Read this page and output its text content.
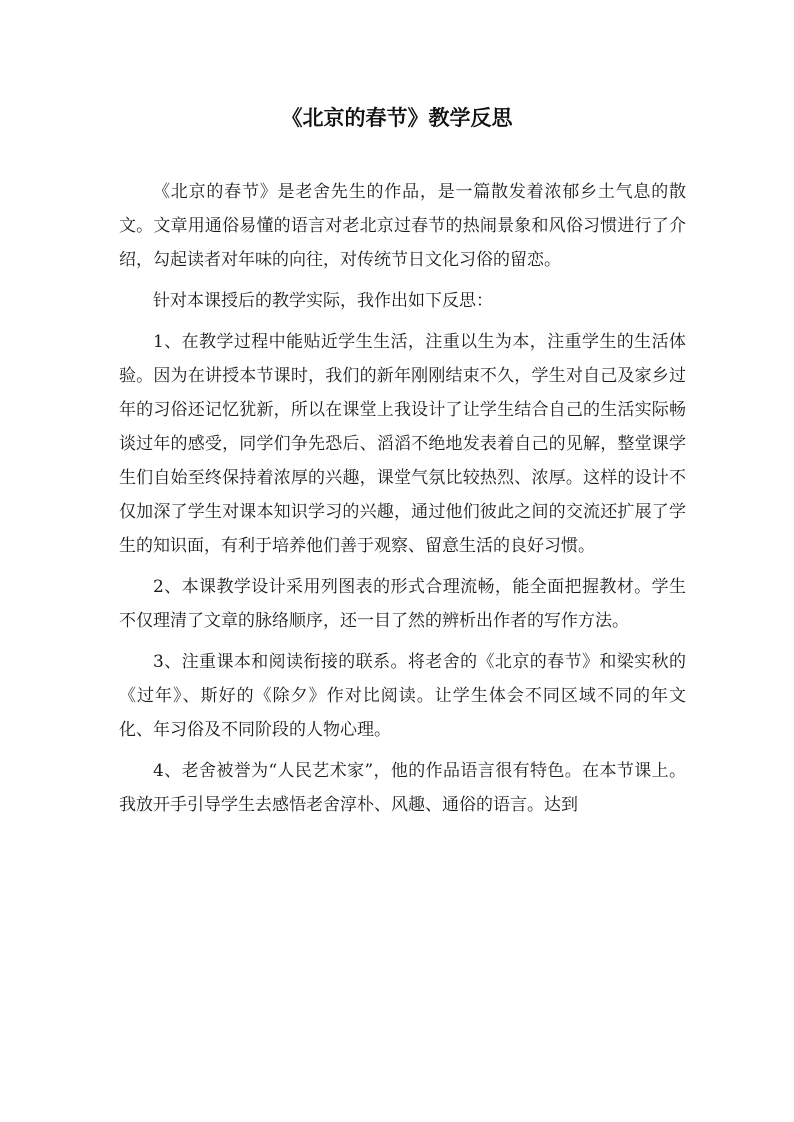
《北京的春节》教学反思

《北京的春节》是老舍先生的作品，是一篇散发着浓郁乡土气息的散文。文章用通俗易懂的语言对老北京过春节的热闹景象和风俗习惯进行了介绍，勾起读者对年味的向往，对传统节日文化习俗的留恋。

针对本课授后的教学实际，我作出如下反思：

1、在教学过程中能贴近学生生活，注重以生为本，注重学生的生活体验。因为在讲授本节课时，我们的新年刚刚结束不久，学生对自己及家乡过年的习俗还记忆犹新，所以在课堂上我设计了让学生结合自己的生活实际畅谈过年的感受，同学们争先恐后、滔滔不绝地发表着自己的见解，整堂课学生们自始至终保持着浓厚的兴趣，课堂气氛比较热烈、浓厚。这样的设计不仅加深了学生对课本知识学习的兴趣，通过他们彼此之间的交流还扩展了学生的知识面，有利于培养他们善于观察、留意生活的良好习惯。

2、本课教学设计采用列图表的形式合理流畅，能全面把握教材。学生不仅理清了文章的脉络顺序，还一目了然的辨析出作者的写作方法。

3、注重课本和阅读衔接的联系。将老舍的《北京的春节》和梁实秋的《过年》、斯好的《除夕》作对比阅读。让学生体会不同区域不同的年文化、年习俗及不同阶段的人物心理。

4、老舍被誉为“人民艺术家”，他的作品语言很有特色。在本节课上。我放开手引导学生去感悟老舍淳朴、风趣、通俗的语言。达到
